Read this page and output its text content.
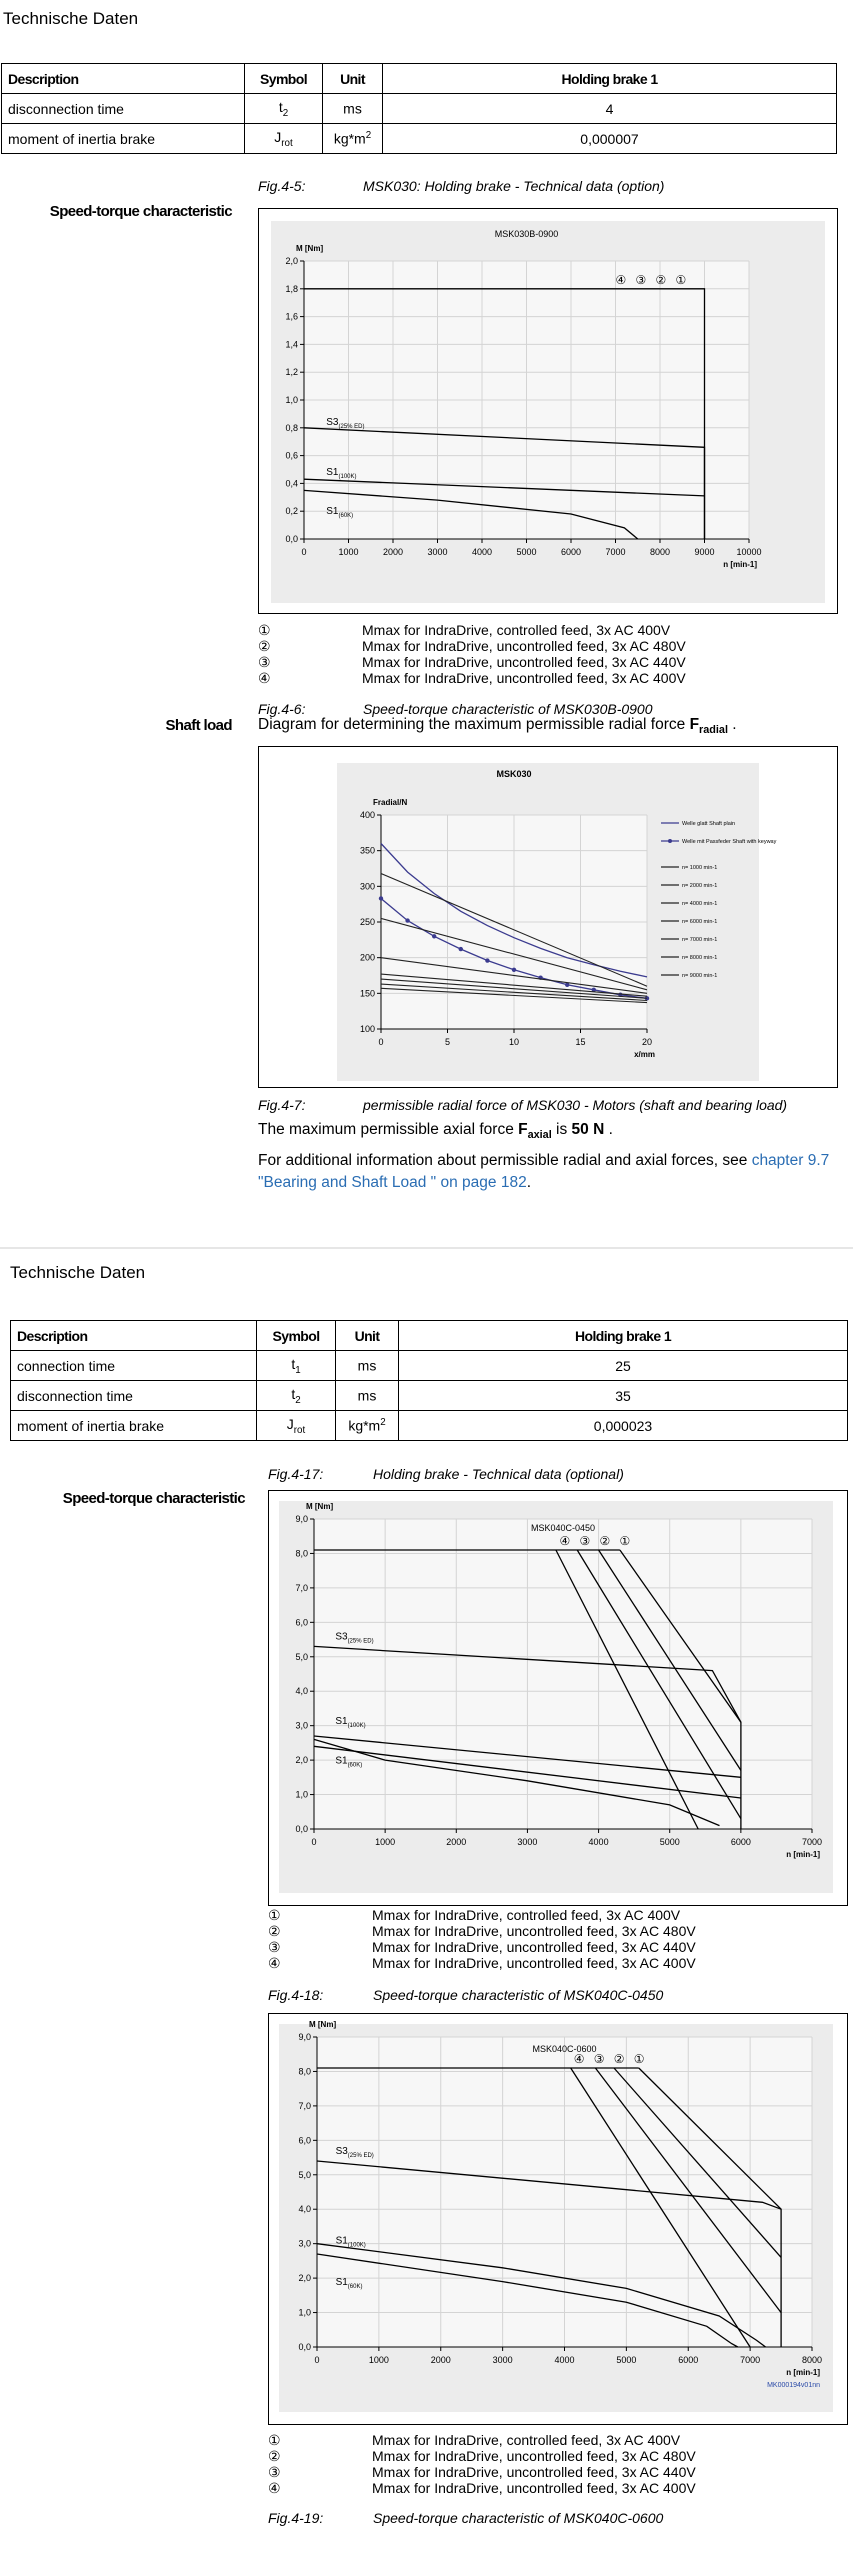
Technische Daten
Description	Symbol	Unit	Holding brake 1
disconnection time	$t_2$	ms	4
moment of inertia brake	$J_{rot}$	$kg*m^2$	0,000007
Fig.4-5:	MSK030: Holding brake - Technical data (option)
Speed-torque characteristic
0,0
0,2
0,4
0,6
0,8
1,0
1,2
1,4
1,6
1,8
2,0
0	1000	2000	3000	4000	5000	6000	7000	8000	9000 10000
MSK030B-0900
M [Nm]
n [min-1]
$S3_{(25\% ED)}$
$S1_{(100K)}$
$S1_{(60K)}$
④ ③ ② ①
①	Mmax for IndraDrive, controlled feed, 3x AC 400V
②	Mmax for IndraDrive, uncontrolled feed, 3x AC 480V
③	Mmax for IndraDrive, uncontrolled feed, 3x AC 440V
④	Mmax for IndraDrive, uncontrolled feed, 3x AC 400V
Fig.4-6:	Speed-torque characteristic of MSK030B-0900
Shaft load Diagram for determining the maximum permissible radial force $F_{radial}$ .
100
150
200
250
300
350
400
0	5	10	15	20
MSK030
Fradial/N
x/mm
Welle glatt Shaft plain
Welle mit Passfeder Shaft with keyway
n= 1000 min-1
n= 2000 min-1
n= 4000 min-1
n= 6000 min-1
n= 7000 min-1
n= 8000 min-1
n= 9000 min-1
Fig.4-7:	permissible radial force of MSK030 - Motors (shaft and bearing load)
The maximum permissible axial force $F_{axial}$ is 50 N .
For additional information about permissible radial and axial forces, see chapter 9.7 "Bearing and Shaft Load " on page 182.
Technische Daten
Description	Symbol	Unit	Holding brake 1
connection time	$t_1$	ms	25
disconnection time	$t_2$	ms	35
moment of inertia brake	$J_{rot}$	$kg*m^2$	0,000023
Fig.4-17:	Holding brake - Technical data (optional)
Speed-torque characteristic
0,0
1,0
2,0
3,0
4,0
5,0
6,0
7,0
8,0
9,0
0	1000	2000	3000	4000	5000	6000	7000
MSK040C-0450
M [Nm]
n [min-1]
$S3_{(25\% ED)}$
$S1_{(100K)}$
$S1_{(60K)}$
④ ③ ② ①
①	Mmax for IndraDrive, controlled feed, 3x AC 400V
②	Mmax for IndraDrive, uncontrolled feed, 3x AC 480V
③	Mmax for IndraDrive, uncontrolled feed, 3x AC 440V
④	Mmax for IndraDrive, uncontrolled feed, 3x AC 400V
Fig.4-18:	Speed-torque characteristic of MSK040C-0450
0,0
1,0
2,0
3,0
4,0
5,0
6,0
7,0
8,0
9,0
0	1000	2000	3000	4000	5000	6000	7000	8000
MSK040C-0600
M [Nm]
n [min-1]
$S3_{(25\% ED)}$
$S1_{(100K)}$
$S1_{(60K)}$
④ ③ ② ①
MK000194v01nn
①	Mmax for IndraDrive, controlled feed, 3x AC 400V
②	Mmax for IndraDrive, uncontrolled feed, 3x AC 480V
③	Mmax for IndraDrive, uncontrolled feed, 3x AC 440V
④	Mmax for IndraDrive, uncontrolled feed, 3x AC 400V
Fig.4-19:	Speed-torque characteristic of MSK040C-0600
